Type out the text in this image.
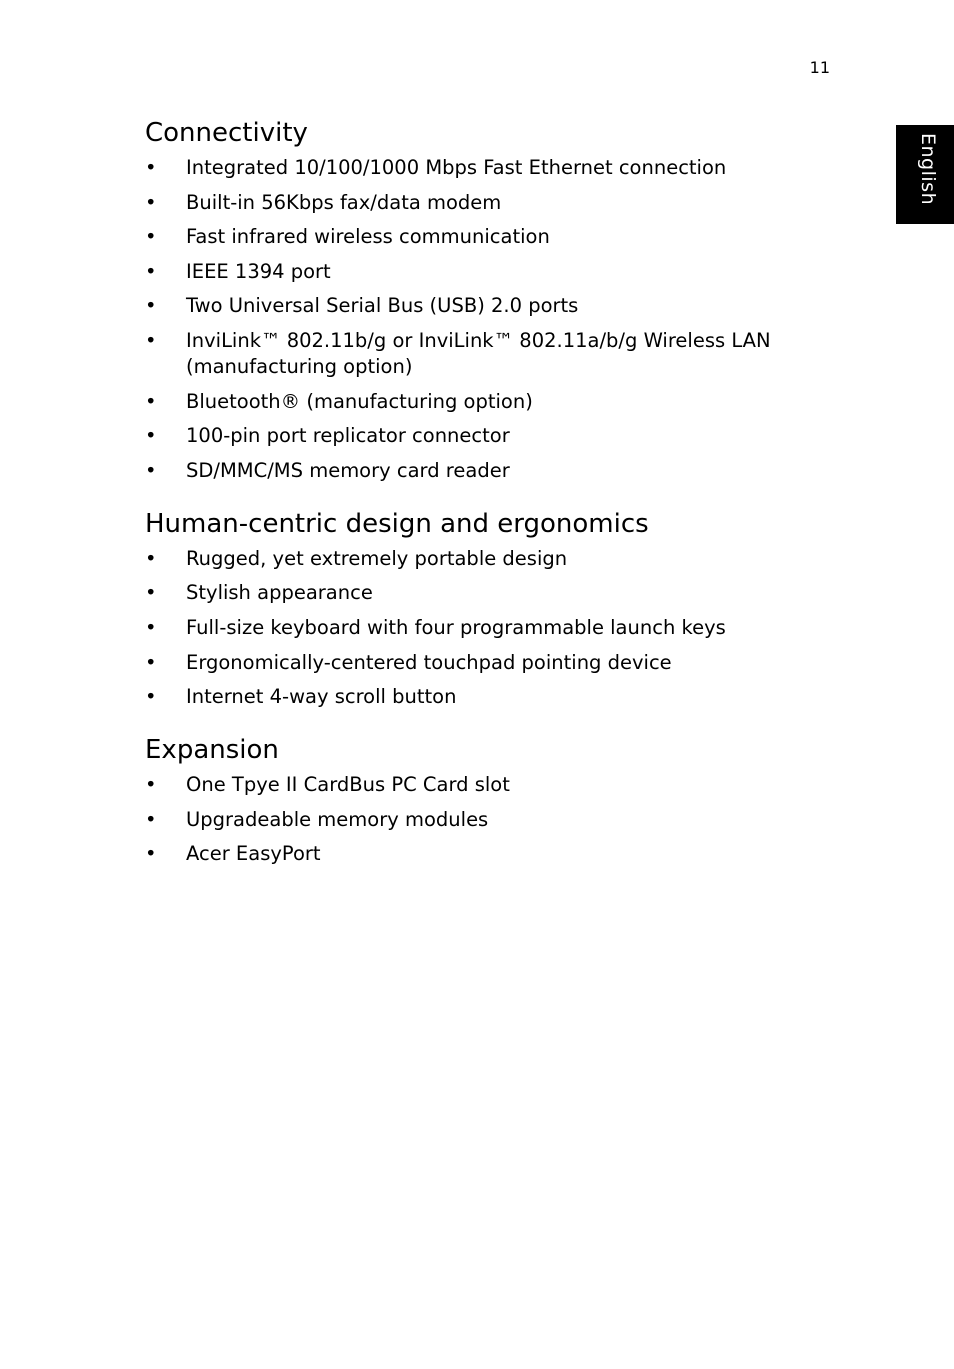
11
English
Connectivity
• Integrated 10/100/1000 Mbps Fast Ethernet connection
• Built-in 56Kbps fax/data modem
• Fast infrared wireless communication
• IEEE 1394 port
• Two Universal Serial Bus (USB) 2.0 ports
• InviLink™ 802.11b/g or InviLink™ 802.11a/b/g Wireless LAN (manufacturing option)
• Bluetooth® (manufacturing option)
• 100-pin port replicator connector
• SD/MMC/MS memory card reader
Human-centric design and ergonomics
• Rugged, yet extremely portable design
• Stylish appearance
• Full-size keyboard with four programmable launch keys
• Ergonomically-centered touchpad pointing device
• Internet 4-way scroll button
Expansion
• One Tpye II CardBus PC Card slot
• Upgradeable memory modules
• Acer EasyPort
